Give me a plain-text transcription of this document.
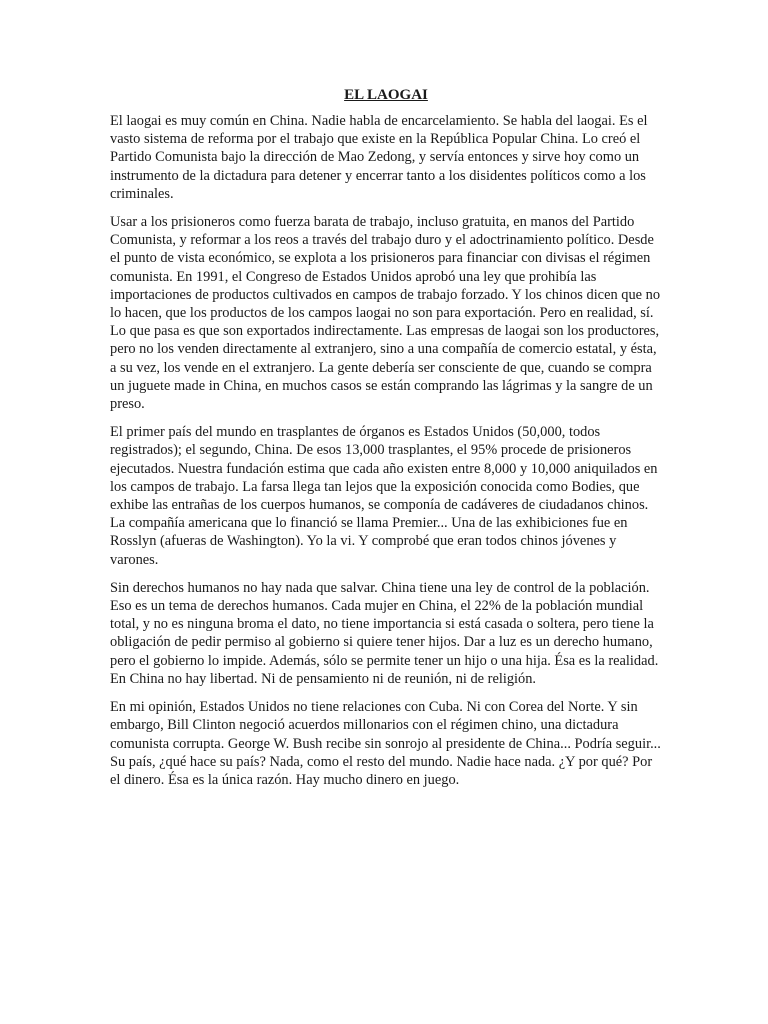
EL LAOGAI

El laogai es muy común en China. Nadie habla de encarcelamiento. Se habla del laogai. Es el vasto sistema de reforma por el trabajo que existe en la República Popular China. Lo creó el Partido Comunista bajo la dirección de Mao Zedong, y servía entonces y sirve hoy como un instrumento de la dictadura para detener y encerrar tanto a los disidentes políticos como a los criminales.

Usar a los prisioneros como fuerza barata de trabajo, incluso gratuita, en manos del Partido Comunista, y reformar a los reos a través del trabajo duro y el adoctrinamiento político. Desde el punto de vista económico, se explota a los prisioneros para financiar con divisas el régimen comunista. En 1991, el Congreso de Estados Unidos aprobó una ley que prohibía las importaciones de productos cultivados en campos de trabajo forzado. Y los chinos dicen que no lo hacen, que los productos de los campos laogai no son para exportación. Pero en realidad, sí. Lo que pasa es que son exportados indirectamente. Las empresas de laogai son los productores, pero no los venden directamente al extranjero, sino a una compañía de comercio estatal, y ésta, a su vez, los vende en el extranjero. La gente debería ser consciente de que, cuando se compra un juguete made in China, en muchos casos se están comprando las lágrimas y la sangre de un preso.

El primer país del mundo en trasplantes de órganos es Estados Unidos (50,000, todos registrados); el segundo, China. De esos 13,000 trasplantes, el 95% procede de prisioneros ejecutados. Nuestra fundación estima que cada año existen entre 8,000 y 10,000 aniquilados en los campos de trabajo. La farsa llega tan lejos que la exposición conocida como Bodies, que exhibe las entrañas de los cuerpos humanos, se componía de cadáveres de ciudadanos chinos. La compañía americana que lo financió se llama Premier... Una de las exhibiciones fue en Rosslyn (afueras de Washington). Yo la vi. Y comprobé que eran todos chinos jóvenes y varones.

Sin derechos humanos no hay nada que salvar. China tiene una ley de control de la población. Eso es un tema de derechos humanos. Cada mujer en China, el 22% de la población mundial total, y no es ninguna broma el dato, no tiene importancia si está casada o soltera, pero tiene la obligación de pedir permiso al gobierno si quiere tener hijos. Dar a luz es un derecho humano, pero el gobierno lo impide. Además, sólo se permite tener un hijo o una hija. Ésa es la realidad. En China no hay libertad. Ni de pensamiento ni de reunión, ni de religión.

En mi opinión, Estados Unidos no tiene relaciones con Cuba. Ni con Corea del Norte. Y sin embargo, Bill Clinton negoció acuerdos millonarios con el régimen chino, una dictadura comunista corrupta. George W. Bush recibe sin sonrojo al presidente de China... Podría seguir... Su país, ¿qué hace su país? Nada, como el resto del mundo. Nadie hace nada. ¿Y por qué? Por el dinero. Ésa es la única razón. Hay mucho dinero en juego.
